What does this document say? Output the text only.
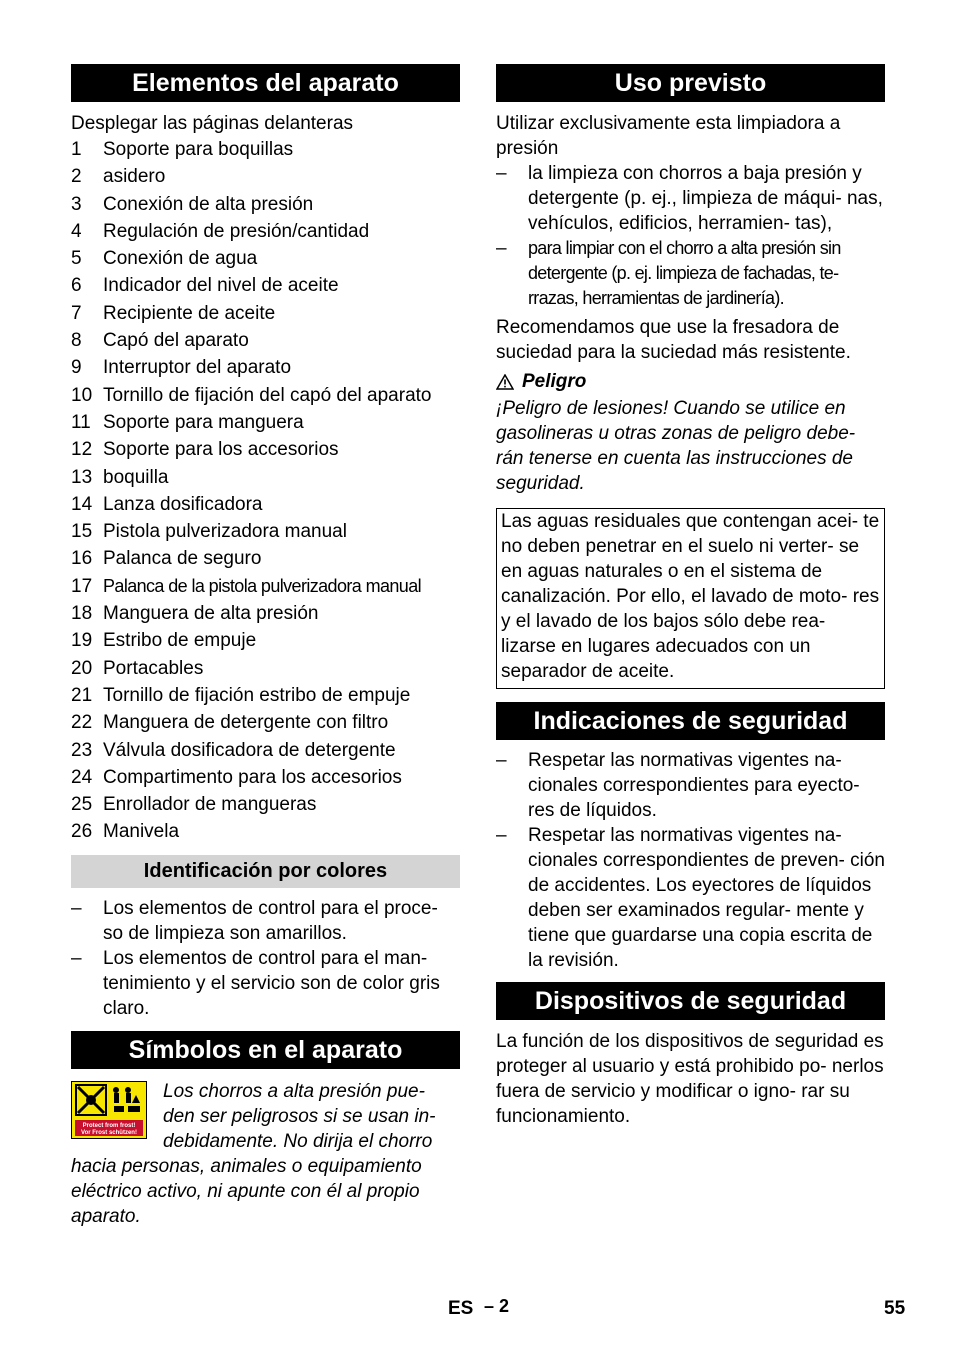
Elementos del aparato

Desplegar las páginas delanteras

1	Soporte para boquillas
2	asidero
3	Conexión de alta presión
4	Regulación de presión/cantidad
5	Conexión de agua
6	Indicador del nivel de aceite
7	Recipiente de aceite
8	Capó del aparato
9	Interruptor del aparato
10 Tornillo de fijación del capó del aparato
11 Soporte para manguera
12 Soporte para los accesorios
13 boquilla
14 Lanza dosificadora
15 Pistola pulverizadora manual
16 Palanca de seguro
17 Palanca de la pistola pulverizadora manual
18 Manguera de alta presión
19 Estribo de empuje
20 Portacables
21 Tornillo de fijación estribo de empuje
22 Manguera de detergente con filtro
23 Válvula dosificadora de detergente
24 Compartimento para los accesorios
25 Enrollador de mangueras
26 Manivela
Identificación por colores
–	Los elementos de control para el proce- so de limpieza son amarillos.
–	Los elementos de control para el man- tenimiento y el servicio son de color gris claro.
Símbolos en el aparato
Protect from frost!
Vor Frost schützen!

Los chorros a alta presión pue- den ser peligrosos si se usan in- debidamente. No dirija el chorro hacia personas, animales o equipamiento eléctrico activo, ni apunte con él al propio aparato.

Uso previsto

Utilizar exclusivamente esta limpiadora a presión

–	la limpieza con chorros a baja presión y detergente (p. ej., limpieza de máqui- nas, vehículos, edificios, herramien- tas),
–	para limpiar con el chorro a alta presión sin detergente (p. ej. limpieza de fachadas, te- rrazas, herramientas de jardinería).

Recomendamos que use la fresadora de suciedad para la suciedad más resistente.

Peligro

¡Peligro de lesiones! Cuando se utilice en gasolineras u otras zonas de peligro debe- rán tenerse en cuenta las instrucciones de seguridad.

Las aguas residuales que contengan acei- te no deben penetrar en el suelo ni verter- se en aguas naturales o en el sistema de canalización. Por ello, el lavado de moto- res y el lavado de los bajos sólo debe rea- lizarse en lugares adecuados con un separador de aceite.

Indicaciones de seguridad
–	Respetar las normativas vigentes na- cionales correspondientes para eyecto- res de líquidos.
–	Respetar las normativas vigentes na- cionales correspondientes de preven- ción de accidentes. Los eyectores de líquidos deben ser examinados regular- mente y tiene que guardarse una copia escrita de la revisión.
Dispositivos de seguridad

La función de los dispositivos de seguridad es proteger al usuario y está prohibido po- nerlos fuera de servicio y modificar o igno- rar su funcionamiento.

ES – 2	55
